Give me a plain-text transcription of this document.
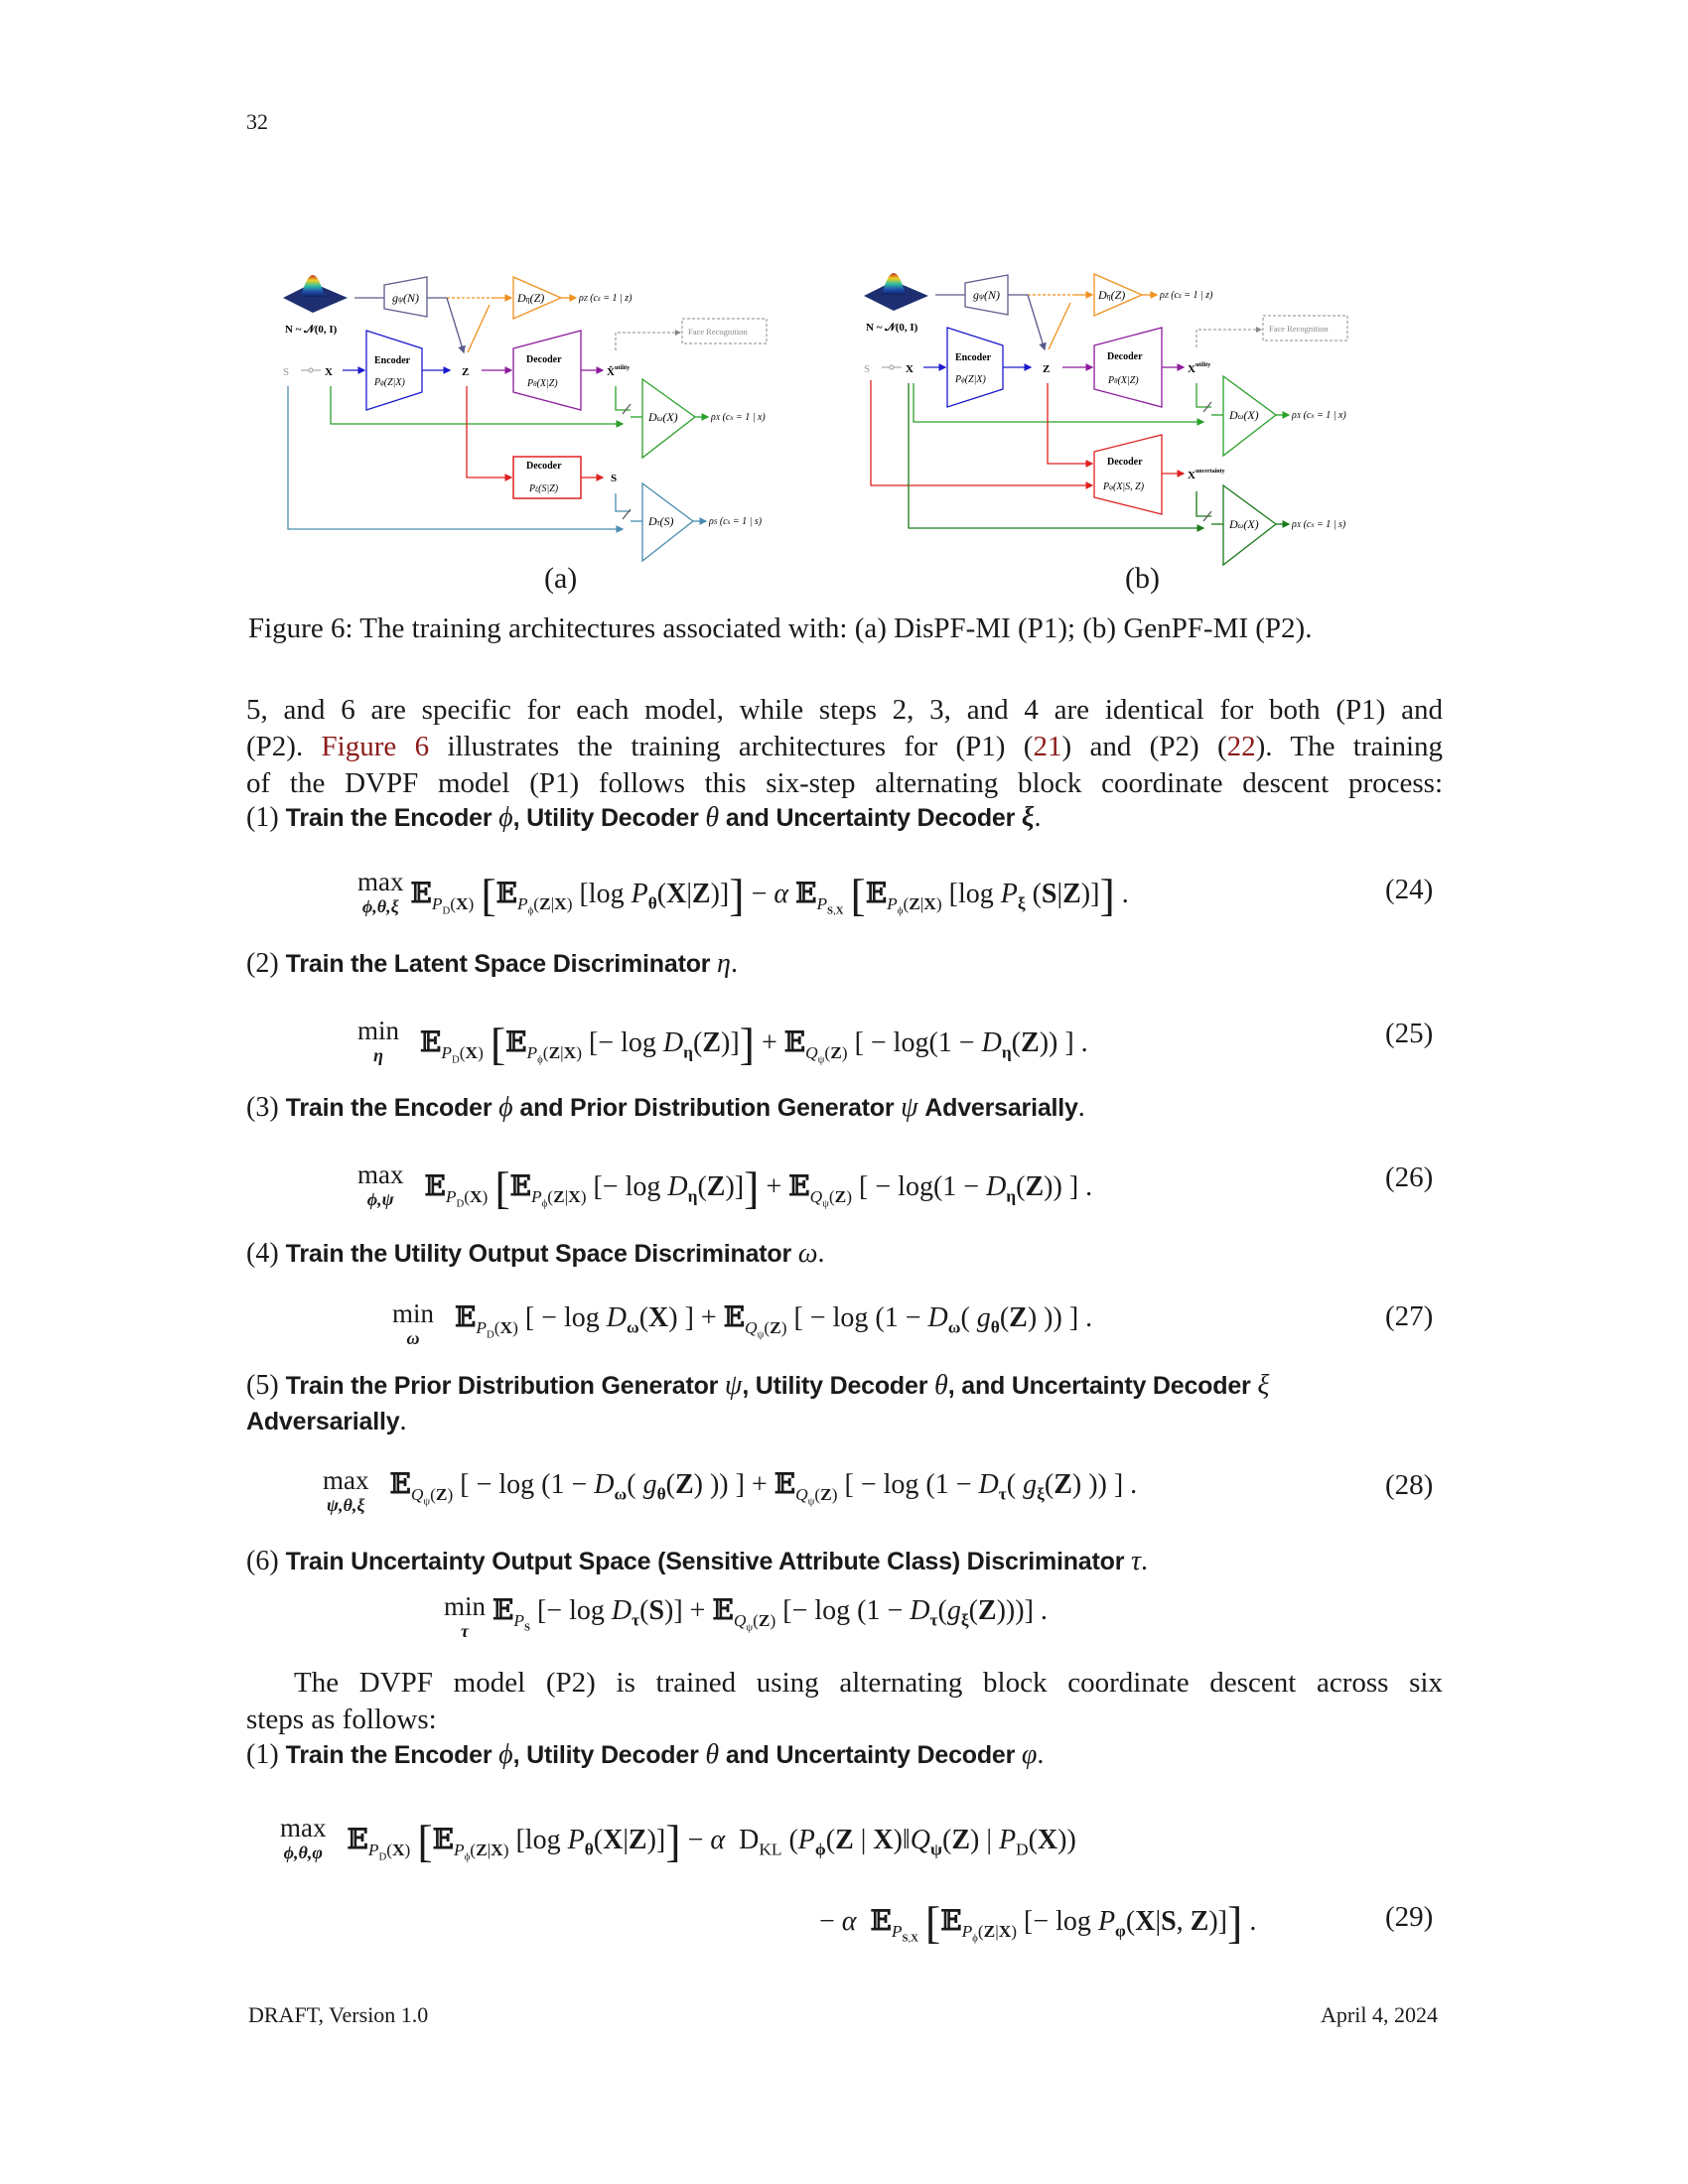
32
N ~ 𝒩(0, I)
gψ(N)	Dη(Z)	ρZ (cz = 1 | z)
Face Recognition
S	X
Encoder
Pϕ(Z|X)
Z
Decoder
Pθ(X|Z)
X̂$^{utility}$
Dω(X)	ρX (cx = 1 | x)
Decoder
Pξ(S|Z)
S
Dτ(S)	ρS (cs = 1 | s)
N ~ 𝒩(0, I)
gψ(N)	Dη(Z)	ρZ (cz = 1 | z)
Face Recognition
S	X
Encoder
Pϕ(Z|X)
Z
Decoder
Pθ(X|Z)
$X^{utility}$
Dω(X)	ρX (cx = 1 | x)
Decoder
Pφ(X|S, Z)
$X^{uncertainty}$
Dω(X)	ρX (cx = 1 | s)
(a)	(b)
Figure 6: The training architectures associated with: (a) DisPF-MI (P1); (b) GenPF-MI (P2).
5, and 6 are specific for each model, while steps 2, 3, and 4 are identical for both (P1) and
(P2). Figure 6 illustrates the training architectures for (P1) (21) and (P2) (22). The training
of the DVPF model (P1) follows this six-step alternating block coordinate descent process:
(1) Train the Encoder ϕ, Utility Decoder θ and Uncertainty Decoder ξ.
max
ϕ,θ,ξ 𝔼$_{P_D(X)}$ [𝔼$_{P_\phi(Z|X)}$ [log $P_\theta(X|Z)]] - \alpha$ 𝔼$_{P_{S,X}}$ [𝔼$_{P_\phi(Z|X)}$ [log $P_\xi$ (S|Z)]] .	(24)
(2) Train the Latent Space Discriminator η.
min
η	𝔼$_{P_D(X)}$ [𝔼$_{P_\phi(Z|X)}$ [− $\log D_\eta(Z)$]] + 𝔼$_{Q_\psi(Z)}$ [ − $\log(1 - D_\eta(Z))$ ] .	(25)
(3) Train the Encoder ϕ and Prior Distribution Generator ψ Adversarially.
max
ϕ,ψ	𝔼$_{P_D(X)}$ [𝔼$_{P_\phi(Z|X)}$ [− $\log D_\eta(Z)$]] + 𝔼$_{Q_\psi(Z)}$ [ − $\log(1 - D_\eta(Z))$ ] .	(26)
(4) Train the Utility Output Space Discriminator ω.
min
ω
𝔼$_{P_D(X)}$ [ − $\log D_\omega(X)$ ] + 𝔼$_{Q_\psi(Z)}$ [ − $\log (1 - D_\omega$( $g_\theta(Z)$ )) ] .	(27)
(5) Train the Prior Distribution Generator ψ, Utility Decoder θ, and Uncertainty Decoder ξ
Adversarially.
max
ψ,θ,ξ
𝔼$_{Q_\psi(Z)}$ [ − $\log (1 - D_\omega$( $g_\theta(Z)$ )) ] + 𝔼$_{Q_\psi(Z)}$ [ − $\log (1 - D_\tau$( $g_\xi(Z)$ )) ] .	(28)
(6) Train Uncertainty Output Space (Sensitive Attribute Class) Discriminator τ.
min
τ
𝔼$_{P_S}$ [− $\log D_\tau(S)$] + 𝔼$_{Q_\psi(Z)}$ [− $\log (1 - D_\tau(g_\xi(Z)))$] .
The DVPF model (P2) is trained using alternating block coordinate descent across six
steps as follows:
(1) Train the Encoder ϕ, Utility Decoder θ and Uncertainty Decoder φ.
max
ϕ,θ,φ 𝔼$_{P_D(X)}$ [𝔼$_{P_\phi(Z|X)}$ [log $P_\theta(X|Z)]] - \alpha$  $D_{KL}$ ($P_\phi(Z$ | $X)‖Q_\psi(Z)$ | $P_D(X)$)
− α 𝔼$_{P_{S,X}}$ [𝔼$_{P_\phi(Z|X)}$ [− $\log P_\varphi(X|S$, Z)]] .	(29)
DRAFT, Version 1.0	April 4, 2024
